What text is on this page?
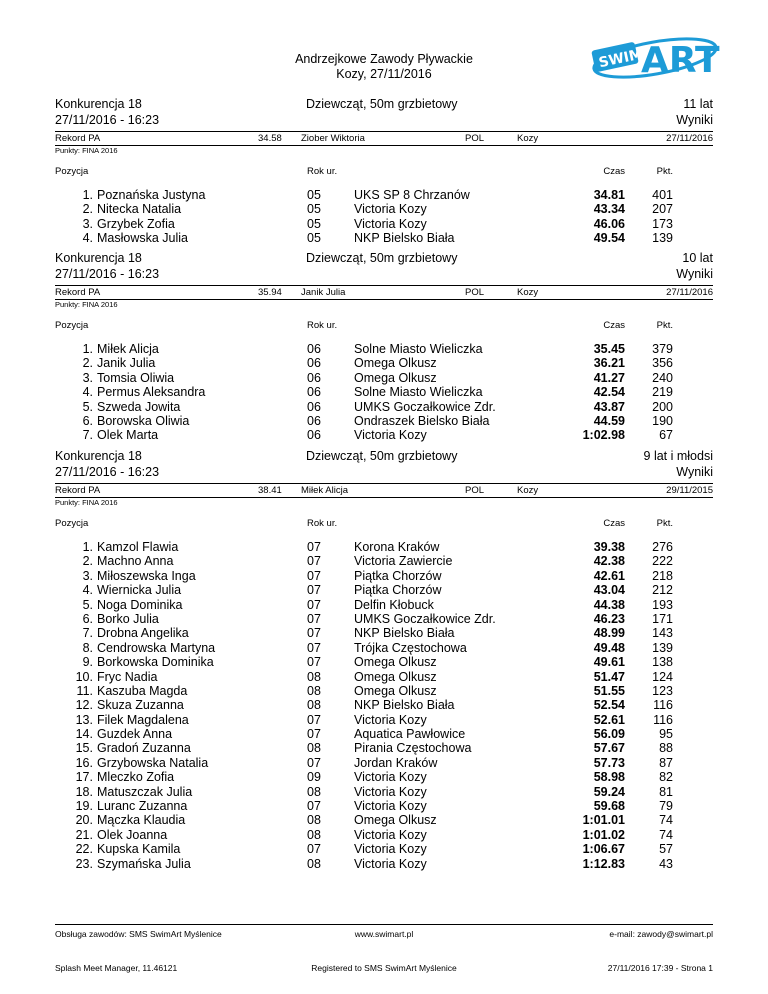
Andrzejkowe Zawody Pływackie
Kozy, 27/11/2016
SWIM
ART
Konkurencja 18
27/11/2016 - 16:23
Dziewcząt, 50m grzbietowy	11 lat
Wyniki
Rekord PA	34.58 Ziober Wiktoria	POL	Kozy	27/11/2016
Punkty: FINA 2016
Pozycja	Rok ur.	Czas	Pkt.
1. Poznańska Justyna	05	UKS SP 8 Chrzanów	34.81	401
2. Nitecka Natalia	05	Victoria Kozy	43.34	207
3. Grzybek Zofia	05	Victoria Kozy	46.06	173
4. Masłowska Julia	05	NKP Bielsko Biała	49.54	139
Konkurencja 18
27/11/2016 - 16:23
Dziewcząt, 50m grzbietowy	10 lat
Wyniki
Rekord PA	35.94 Janik Julia	POL	Kozy	27/11/2016
Punkty: FINA 2016
Pozycja	Rok ur.	Czas	Pkt.
1. Miłek Alicja	06	Solne Miasto Wieliczka	35.45	379
2. Janik Julia	06	Omega Olkusz	36.21	356
3. Tomsia Oliwia	06	Omega Olkusz	41.27	240
4. Permus Aleksandra	06	Solne Miasto Wieliczka	42.54	219
5. Szweda Jowita	06	UMKS Goczałkowice Zdr.	43.87	200
6. Borowska Oliwia	06	Ondraszek Bielsko Biała	44.59	190
7. Olek Marta	06	Victoria Kozy	1:02.98	67
Konkurencja 18
27/11/2016 - 16:23
Dziewcząt, 50m grzbietowy	9 lat i młodsi
Wyniki
Rekord PA	38.41 Miłek Alicja	POL	Kozy	29/11/2015
Punkty: FINA 2016
Pozycja	Rok ur.	Czas	Pkt.
1. Kamzol Flawia	07	Korona Kraków	39.38	276
2. Machno Anna	07	Victoria Zawiercie	42.38	222
3. Miłoszewska Inga	07	Piątka Chorzów	42.61	218
4. Wiernicka Julia	07	Piątka Chorzów	43.04	212
5. Noga Dominika	07	Delfin Kłobuck	44.38	193
6. Borko Julia	07	UMKS Goczałkowice Zdr.	46.23	171
7. Drobna Angelika	07	NKP Bielsko Biała	48.99	143
8. Cendrowska Martyna	07	Trójka Częstochowa	49.48	139
9. Borkowska Dominika	07	Omega Olkusz	49.61	138
10. Fryc Nadia	08	Omega Olkusz	51.47	124
11. Kaszuba Magda	08	Omega Olkusz	51.55	123
12. Skuza Zuzanna	08	NKP Bielsko Biała	52.54	116
13. Filek Magdalena	07	Victoria Kozy	52.61	116
14. Guzdek Anna	07	Aquatica Pawłowice	56.09	95
15. Gradoń Zuzanna	08	Pirania Częstochowa	57.67	88
16. Grzybowska Natalia	07	Jordan Kraków	57.73	87
17. Mleczko Zofia	09	Victoria Kozy	58.98	82
18. Matuszczak Julia	08	Victoria Kozy	59.24	81
19. Luranc Zuzanna	07	Victoria Kozy	59.68	79
20. Mączka Klaudia	08	Omega Olkusz	1:01.01	74
21. Olek Joanna	08	Victoria Kozy	1:01.02	74
22. Kupska Kamila	07	Victoria Kozy	1:06.67	57
23. Szymańska Julia	08	Victoria Kozy	1:12.83	43
Obsługa zawodów: SMS SwimArt Myślenice	www.swimart.pl	e-mail: zawody@swimart.pl
Splash Meet Manager, 11.46121	Registered to SMS SwimArt Myślenice	27/11/2016 17:39 - Strona 1
